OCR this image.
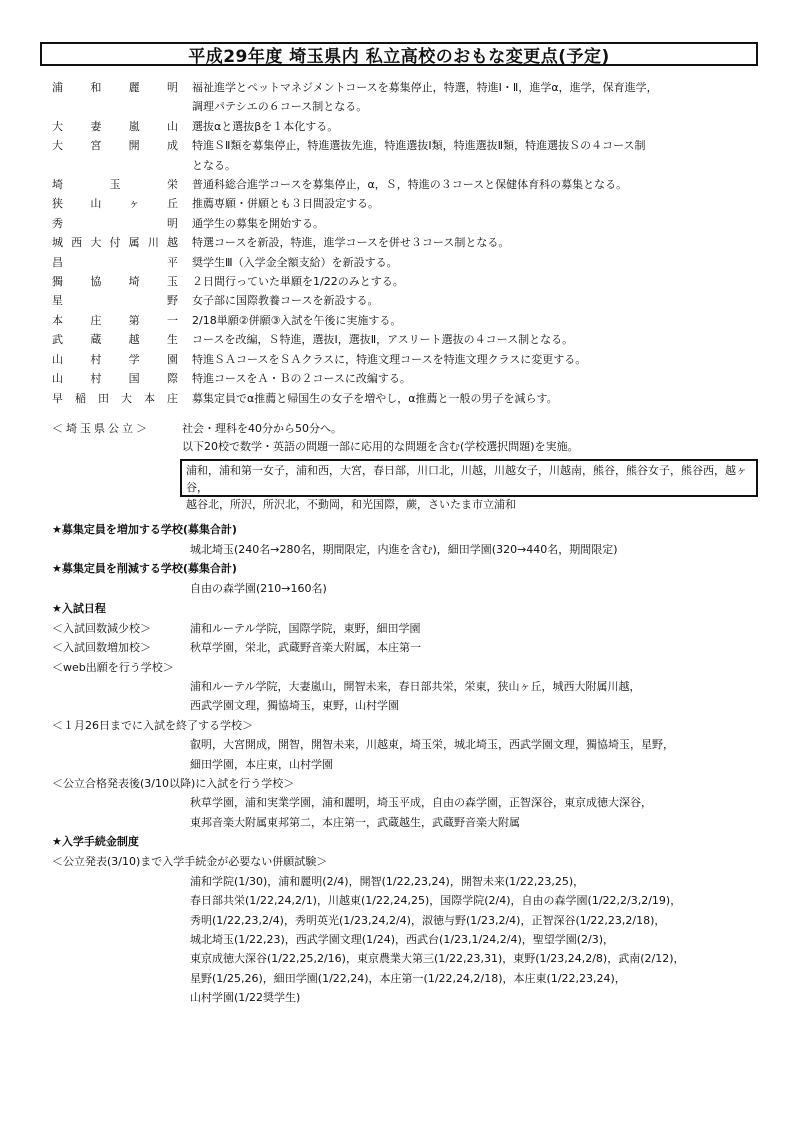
平成29年度 埼玉県内 私立高校のおもな変更点(予定)
浦和麗明 福祉進学とペットマネジメントコースを募集停止，特選，特進Ⅰ・Ⅱ，進学α，進学，保育進学，
調理パテシエの６コース制となる。
大妻嵐山 選抜αと選抜βを１本化する。
大宮開成 特進ＳⅡ類を募集停止，特進選抜先進，特進選抜Ⅰ類，特進選抜Ⅱ類，特進選抜Ｓの４コース制
となる。
埼玉栄 普通科総合進学コースを募集停止，α，Ｓ，特進の３コースと保健体育科の募集となる。
狭山ヶ丘 推薦専願・併願とも３日間設定する。
秀明 通学生の募集を開始する。
城西大付属川越 特選コースを新設，特進，進学コースを併せ３コース制となる。
昌平 奨学生Ⅲ（入学金全額支給）を新設する。
獨協埼玉 ２日間行っていた単願を1/22のみとする。
星野 女子部に国際教養コースを新設する。
本庄第一 2/18単願②併願③入試を午後に実施する。
武蔵越生 コースを改編，Ｓ特進，選抜Ⅰ，選抜Ⅱ，アスリート選抜の４コース制となる。
山村学園 特進ＳＡコースをＳＡクラスに，特進文理コースを特進文理クラスに変更する。
山村国際 特進コースをＡ・Ｂの２コースに改編する。
早稲田大本庄 募集定員でα推薦と帰国生の女子を増やし，α推薦と一般の男子を減らす。
＜埼玉県公立＞	社会・理科を40分から50分へ。
以下20校で数学・英語の問題一部に応用的な問題を含む(学校選択問題)を実施。
浦和，浦和第一女子，浦和西，大宮，春日部，川口北，川越，川越女子，川越南，熊谷，熊谷女子，熊谷西，越ヶ谷，
越谷北，所沢，所沢北，不動岡，和光国際，蕨，さいたま市立浦和
★募集定員を増加する学校(募集合計)
城北埼玉(240名→280名，期間限定，内進を含む)，細田学園(320→440名，期間限定)
★募集定員を削減する学校(募集合計)
自由の森学園(210→160名)
★入試日程
＜入試回数減少校＞	浦和ルーテル学院，国際学院，東野，細田学園
＜入試回数増加校＞	秋草学園，栄北，武蔵野音楽大附属，本庄第一
＜web出願を行う学校＞
浦和ルーテル学院，大妻嵐山，開智未来，春日部共栄，栄東，狭山ヶ丘，城西大附属川越，
西武学園文理，獨協埼玉，東野，山村学園
＜１月26日までに入試を終了する学校＞
叡明，大宮開成，開智，開智未来，川越東，埼玉栄，城北埼玉，西武学園文理，獨協埼玉，星野，
細田学園，本庄東，山村学園
＜公立合格発表後(3/10以降)に入試を行う学校＞
秋草学園，浦和実業学園，浦和麗明，埼玉平成，自由の森学園，正智深谷，東京成徳大深谷，
東邦音楽大附属東邦第二，本庄第一，武蔵越生，武蔵野音楽大附属
★入学手続金制度
＜公立発表(3/10)まで入学手続金が必要ない併願試験＞
浦和学院(1/30)，浦和麗明(2/4)，開智(1/22,23,24)，開智未来(1/22,23,25)，
春日部共栄(1/22,24,2/1)，川越東(1/22,24,25)，国際学院(2/4)，自由の森学園(1/22,2/3,2/19)，
秀明(1/22,23,2/4)，秀明英光(1/23,24,2/4)，淑徳与野(1/23,2/4)，正智深谷(1/22,23,2/18)，
城北埼玉(1/22,23)，西武学園文理(1/24)，西武台(1/23,1/24,2/4)，聖望学園(2/3)，
東京成徳大深谷(1/22,25,2/16)，東京農業大第三(1/22,23,31)，東野(1/23,24,2/8)，武南(2/12)，
星野(1/25,26)，細田学園(1/22,24)，本庄第一(1/22,24,2/18)，本庄東(1/22,23,24)，
山村学園(1/22奨学生)
